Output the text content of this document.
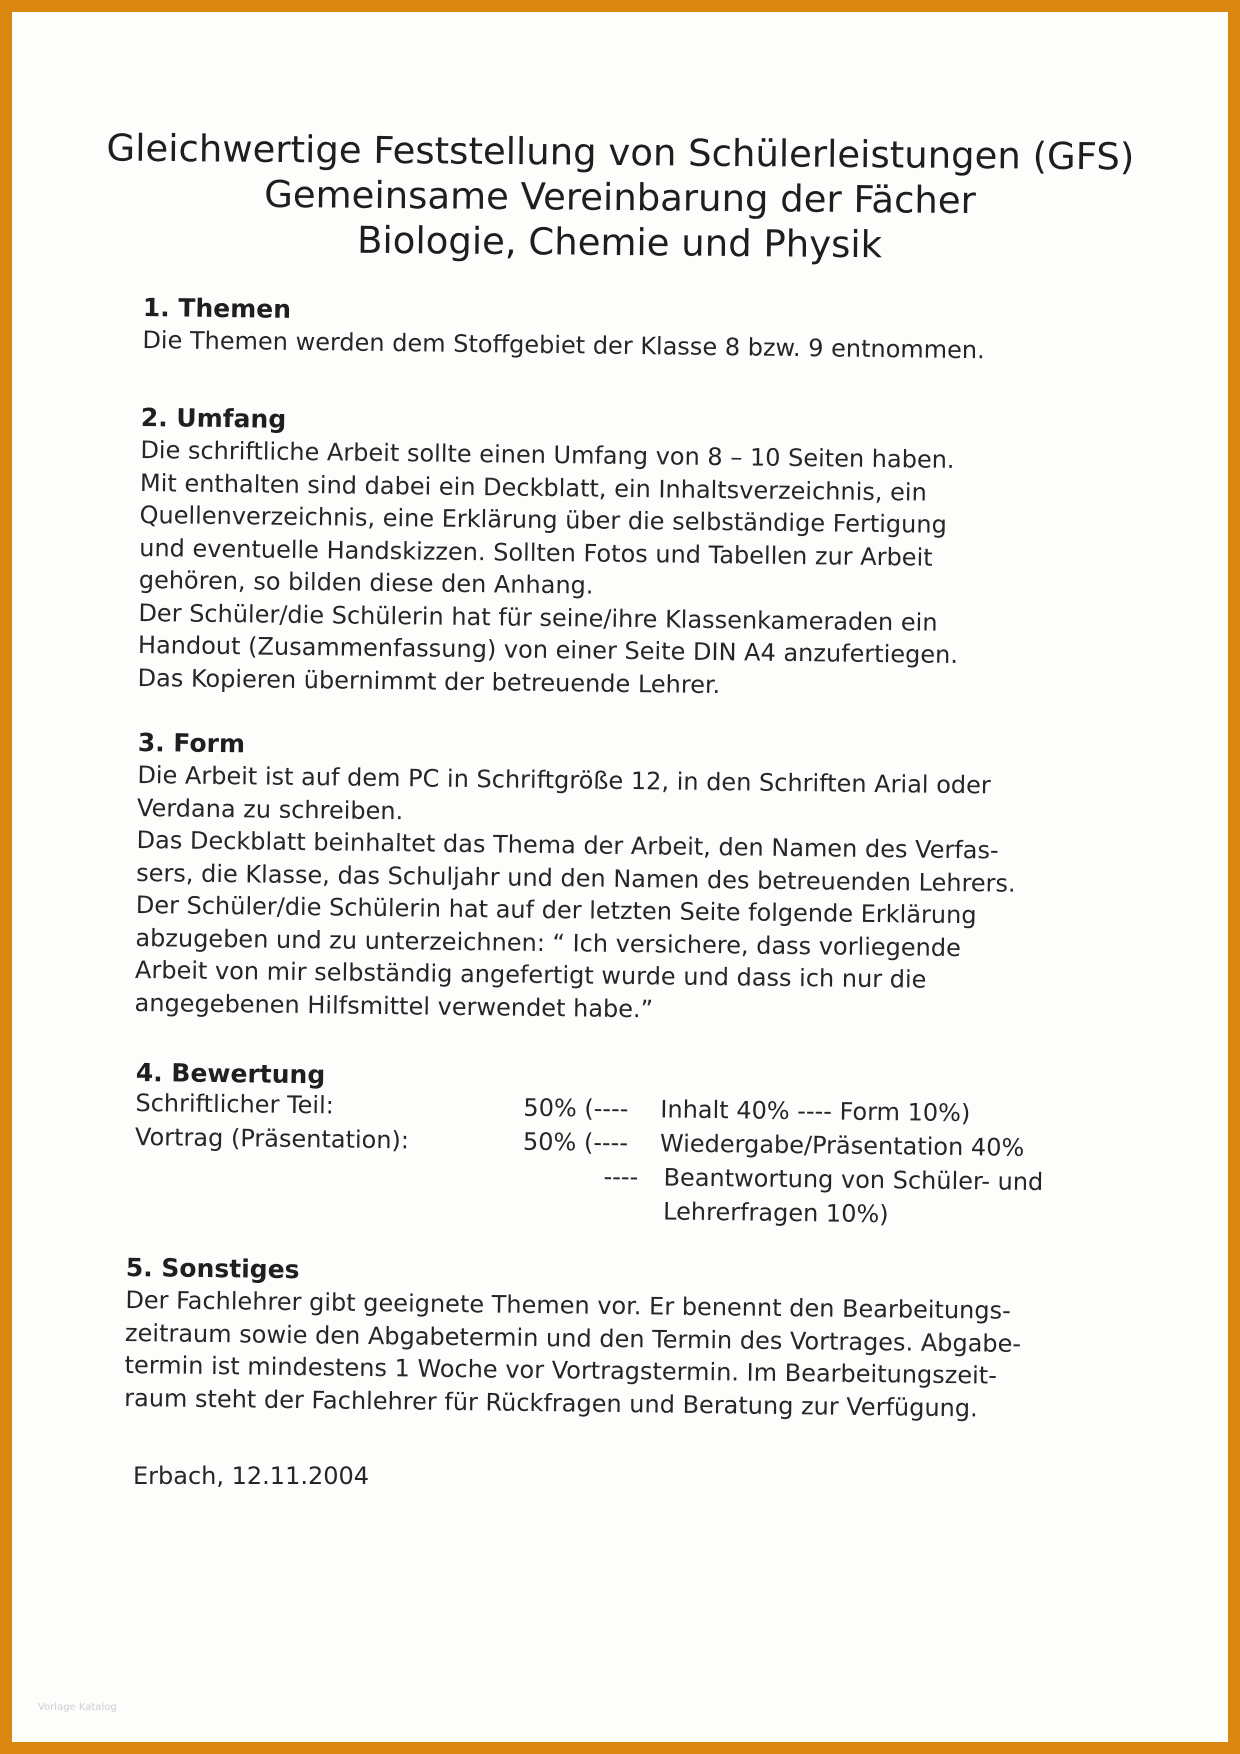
Gleichwertige Feststellung von Schülerleistungen (GFS)
Gemeinsame Vereinbarung der Fächer
Biologie, Chemie und Physik
1. Themen

Die Themen werden dem Stoffgebiet der Klasse 8 bzw. 9 entnommen.

2. Umfang

Die schriftliche Arbeit sollte einen Umfang von 8 – 10 Seiten haben.

Mit enthalten sind dabei ein Deckblatt, ein Inhaltsverzeichnis, ein

Quellenverzeichnis, eine Erklärung über die selbständige Fertigung

und eventuelle Handskizzen. Sollten Fotos und Tabellen zur Arbeit

gehören, so bilden diese den Anhang.

Der Schüler/die Schülerin hat für seine/ihre Klassenkameraden ein

Handout (Zusammenfassung) von einer Seite DIN A4 anzufertiegen.

Das Kopieren übernimmt der betreuende Lehrer.

3. Form

Die Arbeit ist auf dem PC in Schriftgröße 12, in den Schriften Arial oder

Verdana zu schreiben.

Das Deckblatt beinhaltet das Thema der Arbeit, den Namen des Verfas-

sers, die Klasse, das Schuljahr und den Namen des betreuenden Lehrers.

Der Schüler/die Schülerin hat auf der letzten Seite folgende Erklärung

abzugeben und zu unterzeichnen: “ Ich versichere, dass vorliegende

Arbeit von mir selbständig angefertigt wurde und dass ich nur die

angegebenen Hilfsmittel verwendet habe.”

4. Bewertung
Schriftlicher Teil:	50% (---- Inhalt 40% ---- Form 10%)
Vortrag (Präsentation):	50% (---- Wiedergabe/Präsentation 40%
---- Beantwortung von Schüler- und
Lehrerfragen 10%)
5. Sonstiges

Der Fachlehrer gibt geeignete Themen vor. Er benennt den Bearbeitungs-

zeitraum sowie den Abgabetermin und den Termin des Vortrages. Abgabe-

termin ist mindestens 1 Woche vor Vortragstermin. Im Bearbeitungszeit-

raum steht der Fachlehrer für Rückfragen und Beratung zur Verfügung.

Erbach, 12.11.2004
Vorlage Katalog
